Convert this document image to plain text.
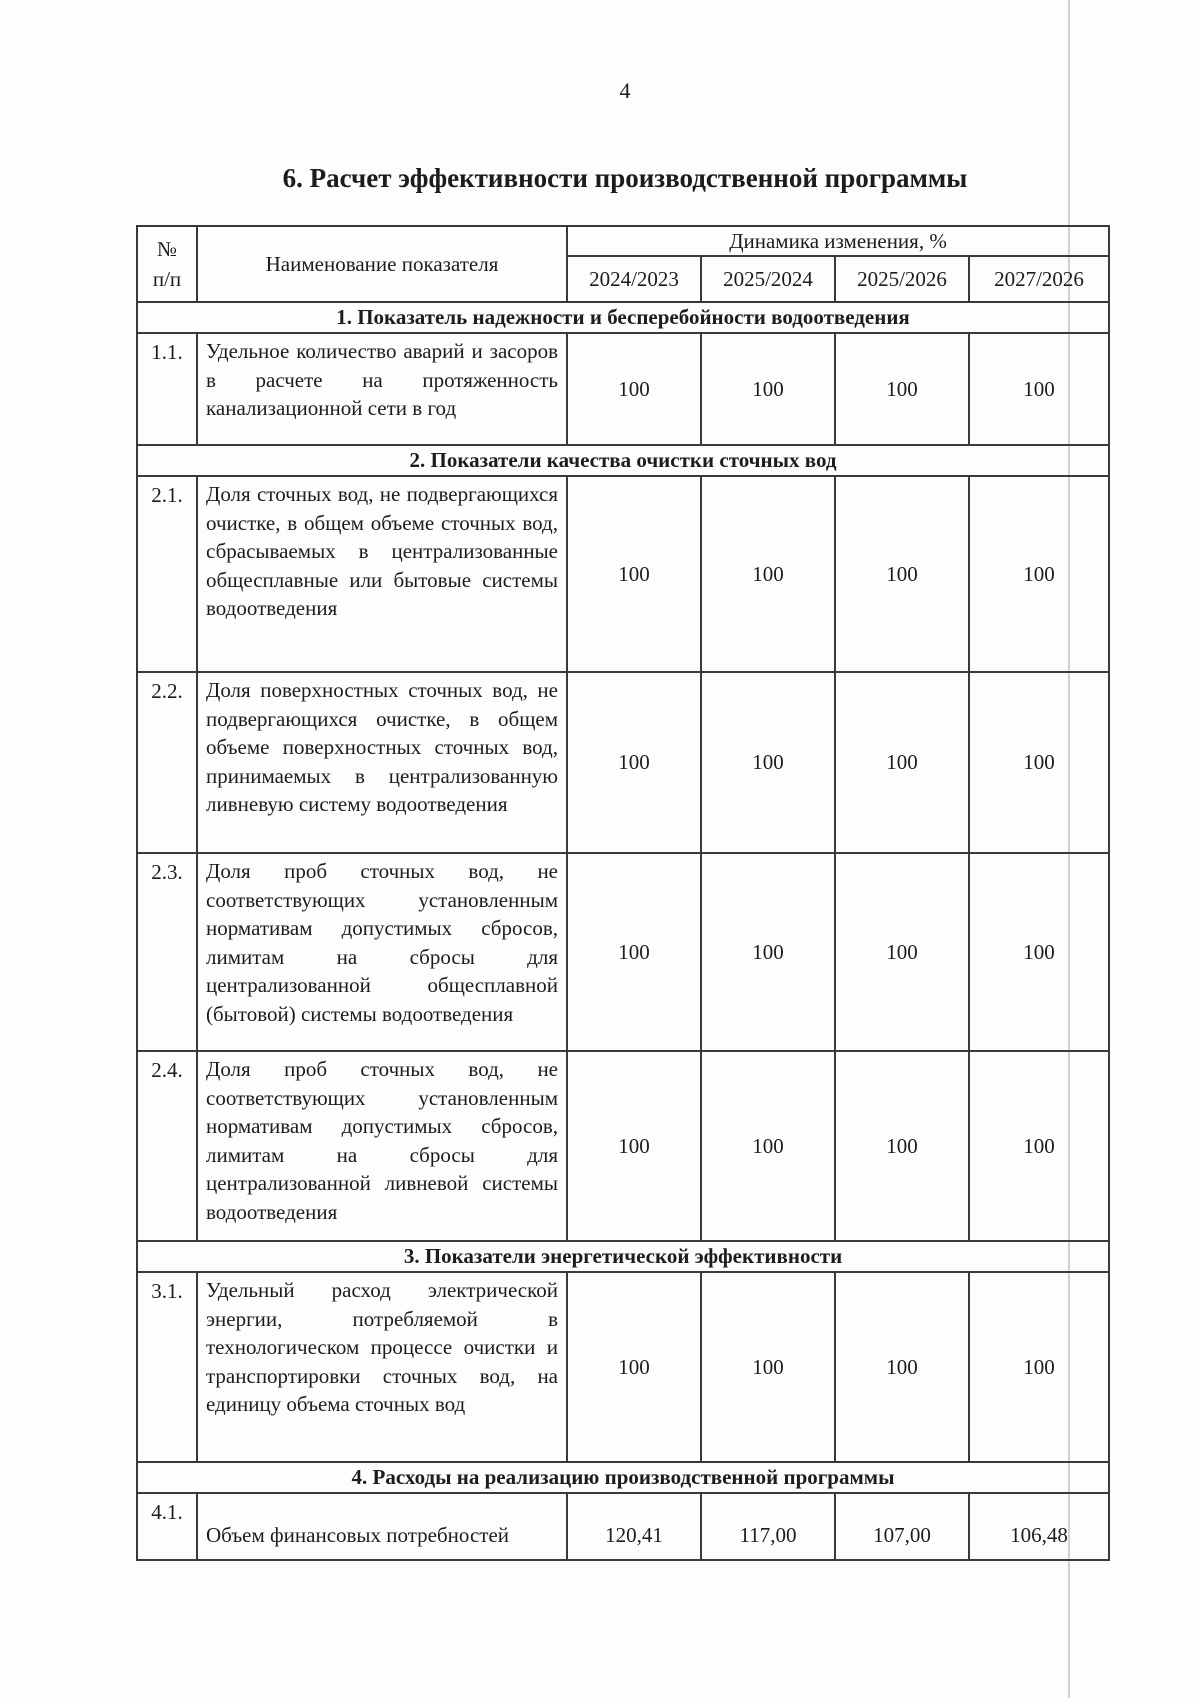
4
6. Расчет эффективности производственной программы
№
п/п	Наименование показателя	Динамика изменения, %			
		2024/2023	2025/2024	2025/2026	2027/2026
1. Показатель надежности и бесперебойности водоотведения					
1.1.	Удельное количество аварий и засоров в расчете на протяженность канализационной сети в год	100	100	100	100
2. Показатели качества очистки сточных вод					
2.1.	Доля сточных вод, не подвергающихся очистке, в общем объеме сточных вод, сбрасываемых в централизованные общесплавные или бытовые системы водоотведения	100	100	100	100
2.2.	Доля поверхностных сточных вод, не подвергающихся очистке, в общем объеме поверхностных сточных вод, принимаемых в централизованную ливневую систему водоотведения	100	100	100	100
2.3.	Доля проб сточных вод, не соответствующих установленным нормативам допустимых сбросов, лимитам на сбросы для централизованной общесплавной (бытовой) системы водоотведения	100	100	100	100
2.4.	Доля проб сточных вод, не соответствующих установленным нормативам допустимых сбросов, лимитам на сбросы для централизованной ливневой системы водоотведения	100	100	100	100
3. Показатели энергетической эффективности					
3.1.	Удельный расход электрической энергии, потребляемой в технологическом процессе очистки и транспортировки сточных вод, на единицу объема сточных вод	100	100	100	100
4. Расходы на реализацию производственной программы					
4.1.	Объем финансовых потребностей	120,41	117,00	107,00	106,48
